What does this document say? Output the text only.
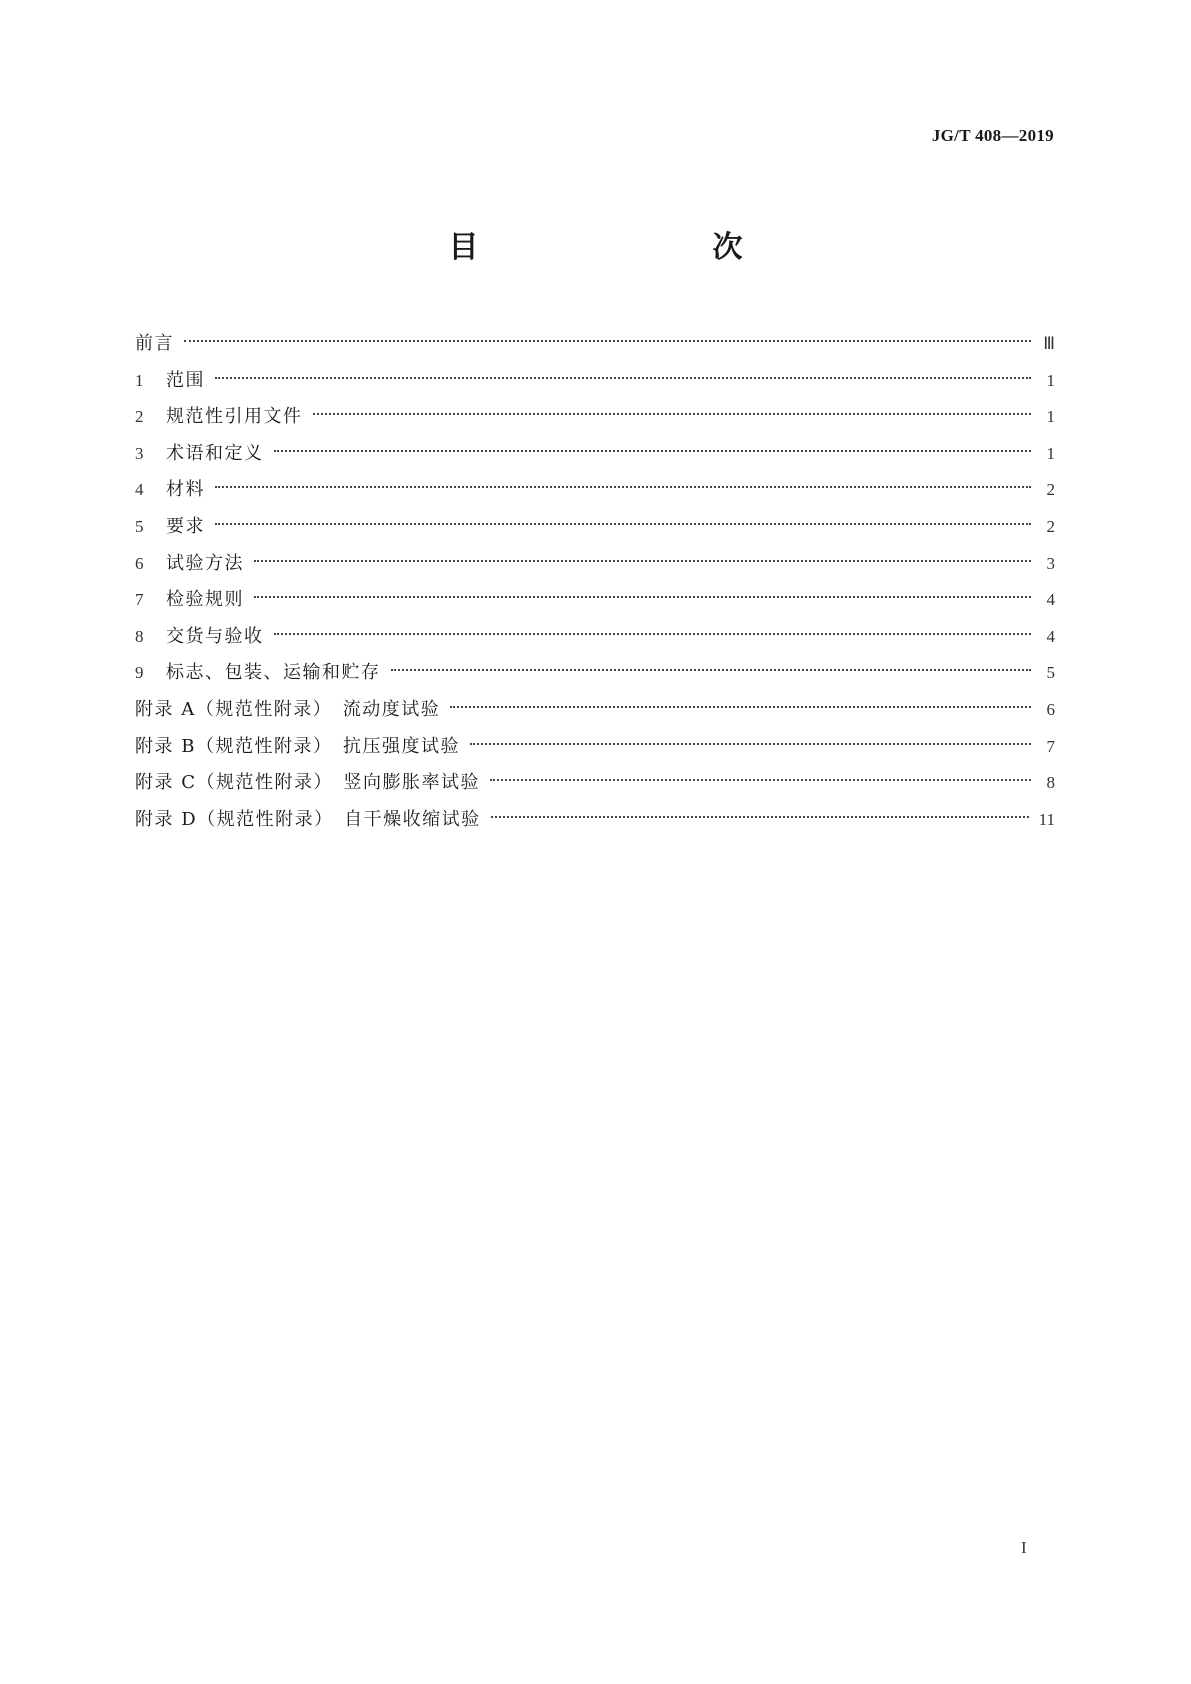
JG/T 408—2019
目　　次
前言	Ⅲ
1	范围	1
2	规范性引用文件	1
3	术语和定义	1
4	材料	2
5	要求	2
6	试验方法	3
7	检验规则	4
8	交货与验收	4
9	标志、包装、运输和贮存	5
附录 A（规范性附录）　流动度试验	6
附录 B（规范性附录）　抗压强度试验	7
附录 C（规范性附录）　竖向膨胀率试验	8
附录 D（规范性附录）　自干燥收缩试验	11
I
